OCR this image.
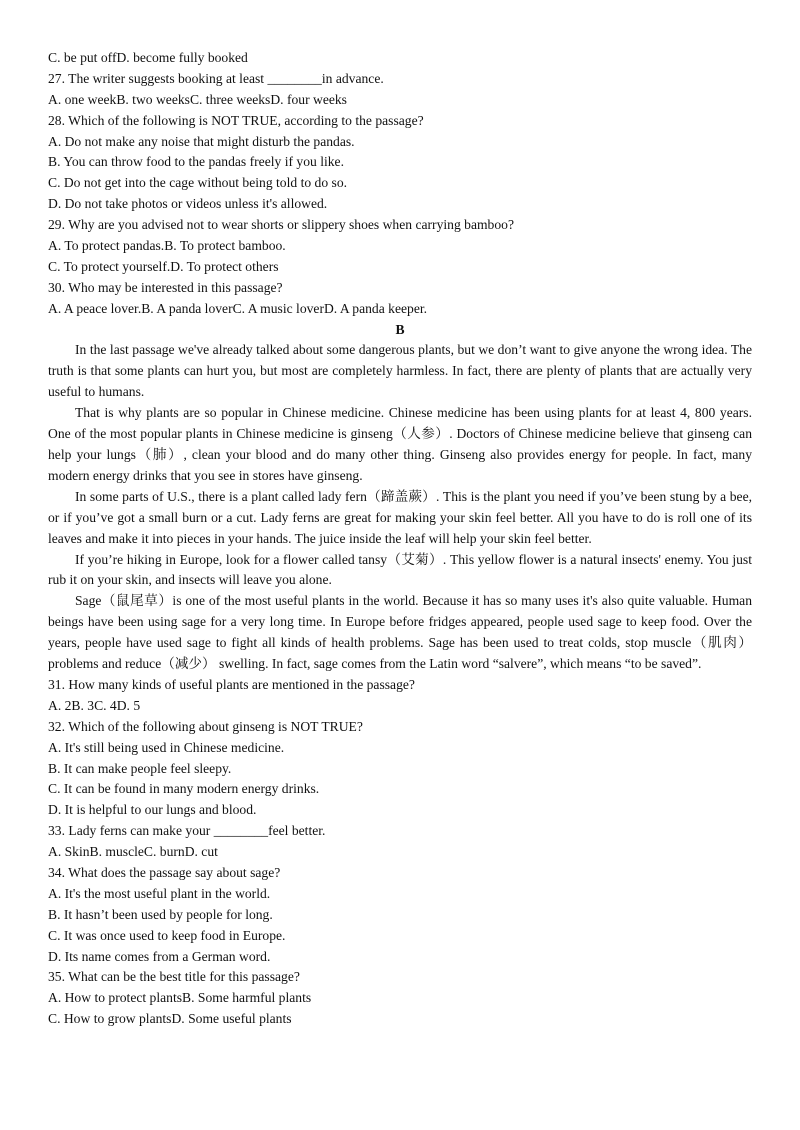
C. be put offD. become fully booked
27. The writer suggests booking at least ________in advance.
A. one weekB. two weeksC. three weeksD. four weeks
28. Which of the following is NOT TRUE, according to the passage?
A. Do not make any noise that might disturb the pandas.
B. You can throw food to the pandas freely if you like.
C. Do not get into the cage without being told to do so.
D. Do not take photos or videos unless it's allowed.
29. Why are you advised not to wear shorts or slippery shoes when carrying bamboo?
A. To protect pandas.B. To protect bamboo.
C. To protect yourself.D. To protect others
30. Who may be interested in this passage?
A. A peace lover.B. A panda loverC. A music loverD. A panda keeper.
B
In the last passage we've already talked about some dangerous plants, but we don’t want to give anyone the wrong idea. The truth is that some plants can hurt you, but most are completely harmless. In fact, there are plenty of plants that are actually very useful to humans.
That is why plants are so popular in Chinese medicine. Chinese medicine has been using plants for at least 4, 800 years. One of the most popular plants in Chinese medicine is ginseng（人参）. Doctors of Chinese medicine believe that ginseng can help your lungs（肺）, clean your blood and do many other thing. Ginseng also provides energy for people. In fact, many modern energy drinks that you see in stores have ginseng.
In some parts of U.S., there is a plant called lady fern（蹄盖蕨）. This is the plant you need if you’ve been stung by a bee, or if you’ve got a small burn or a cut. Lady ferns are great for making your skin feel better. All you have to do is roll one of its leaves and make it into pieces in your hands. The juice inside the leaf will help your skin feel better.
If you’re hiking in Europe, look for a flower called tansy（艾菊）. This yellow flower is a natural insects' enemy. You just rub it on your skin, and insects will leave you alone.
Sage（鼠尾草）is one of the most useful plants in the world. Because it has so many uses it's also quite valuable. Human beings have been using sage for a very long time. In Europe before fridges appeared, people used sage to keep food. Over the years, people have used sage to fight all kinds of health problems. Sage has been used to treat colds, stop muscle（肌肉）problems and reduce（减少） swelling. In fact, sage comes from the Latin word “salvere”, which means “to be saved”.
31. How many kinds of useful plants are mentioned in the passage?
A. 2B. 3C. 4D. 5
32. Which of the following about ginseng is NOT TRUE?
A. It's still being used in Chinese medicine.
B. It can make people feel sleepy.
C. It can be found in many modern energy drinks.
D. It is helpful to our lungs and blood.
33. Lady ferns can make your ________feel better.
A. SkinB. muscleC. burnD. cut
34. What does the passage say about sage?
A. It's the most useful plant in the world.
B. It hasn’t been used by people for long.
C. It was once used to keep food in Europe.
D. Its name comes from a German word.
35. What can be the best title for this passage?
A. How to protect plantsB. Some harmful plants
C. How to grow plantsD. Some useful plants
